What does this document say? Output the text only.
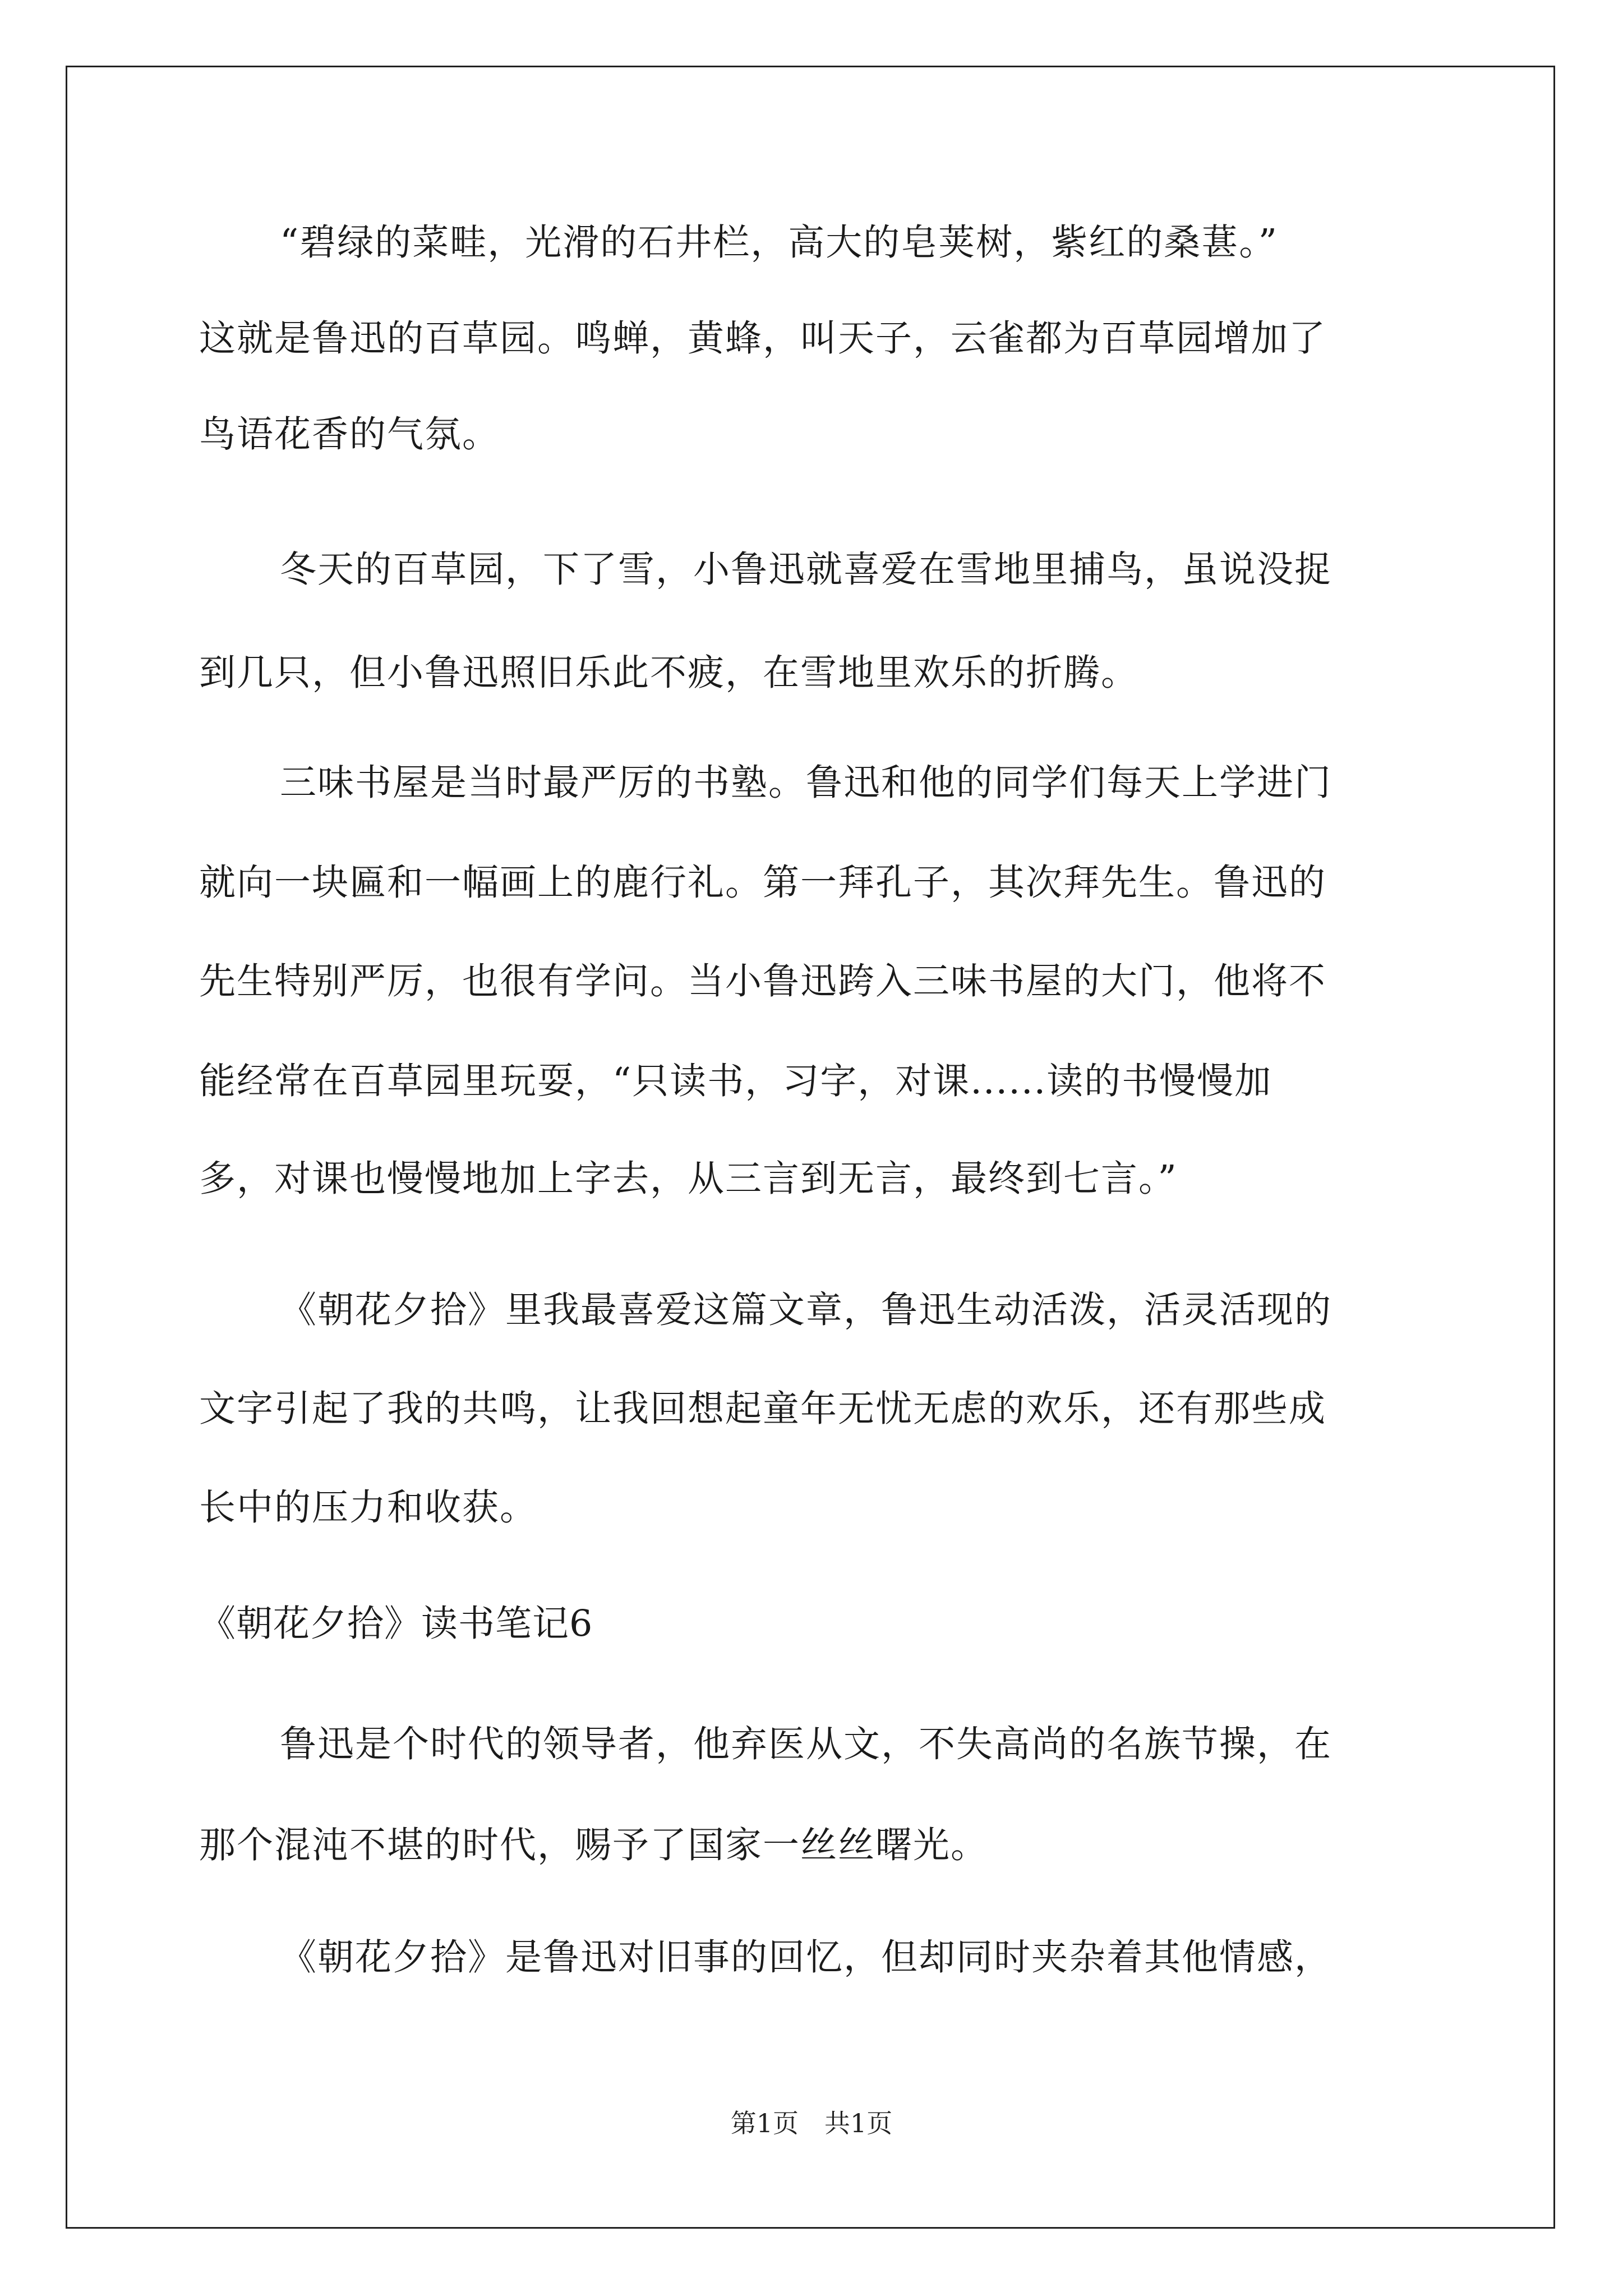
“碧绿的菜畦，光滑的石井栏，高大的皂荚树，紫红的桑葚。”
这就是鲁迅的百草园。鸣蝉，黄蜂，叫天子，云雀都为百草园增加了
鸟语花香的气氛。
冬天的百草园，下了雪，小鲁迅就喜爱在雪地里捕鸟，虽说没捉
到几只，但小鲁迅照旧乐此不疲，在雪地里欢乐的折腾。
三味书屋是当时最严厉的书塾。鲁迅和他的同学们每天上学进门
就向一块匾和一幅画上的鹿行礼。第一拜孔子，其次拜先生。鲁迅的
先生特别严厉，也很有学问。当小鲁迅跨入三味书屋的大门，他将不
能经常在百草园里玩耍，“只读书，习字，对课......读的书慢慢加
多，对课也慢慢地加上字去，从三言到无言，最终到七言。”
《朝花夕拾》里我最喜爱这篇文章，鲁迅生动活泼，活灵活现的
文字引起了我的共鸣，让我回想起童年无忧无虑的欢乐，还有那些成
长中的压力和收获。
《朝花夕拾》读书笔记6
鲁迅是个时代的领导者，他弃医从文，不失高尚的名族节操，在
那个混沌不堪的时代，赐予了国家一丝丝曙光。
《朝花夕拾》是鲁迅对旧事的回忆，但却同时夹杂着其他情感，
第1页　共1页
